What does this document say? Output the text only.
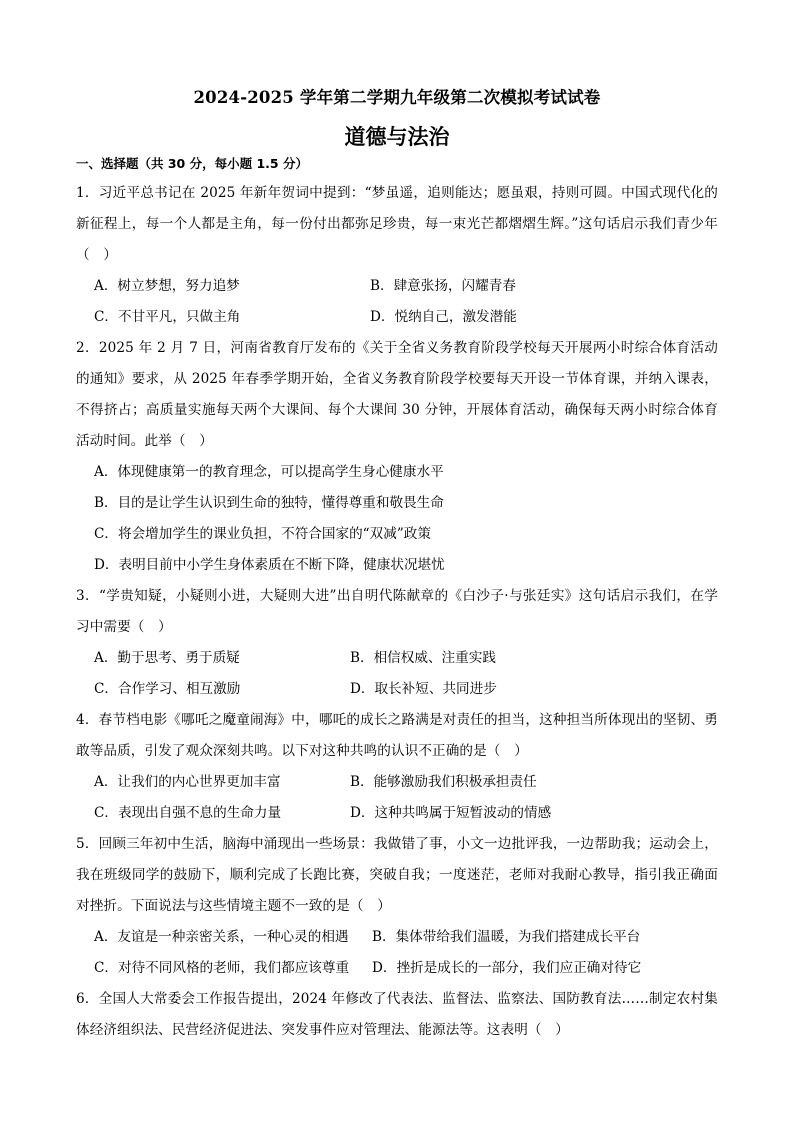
2024-2025 学年第二学期九年级第二次模拟考试试卷
道德与法治
一、选择题（共 30 分，每小题 1.5 分）
1．习近平总书记在 2025 年新年贺词中提到：“梦虽遥，追则能达；愿虽艰，持则可圆。中国式现代化的新征程上，每一个人都是主角，每一份付出都弥足珍贵，每一束光芒都熠熠生辉。”这句话启示我们青少年（　）
A．树立梦想，努力追梦	B．肆意张扬，闪耀青春
C．不甘平凡，只做主角	D．悦纳自己，激发潜能
2．2025 年 2 月 7 日，河南省教育厅发布的《关于全省义务教育阶段学校每天开展两小时综合体育活动的通知》要求，从 2025 年春季学期开始，全省义务教育阶段学校要每天开设一节体育课，并纳入课表，不得挤占；高质量实施每天两个大课间、每个大课间 30 分钟，开展体育活动，确保每天两小时综合体育活动时间。此举（　）
A．体现健康第一的教育理念，可以提高学生身心健康水平
B．目的是让学生认识到生命的独特，懂得尊重和敬畏生命
C．将会增加学生的课业负担，不符合国家的“双减”政策
D．表明目前中小学生身体素质在不断下降，健康状况堪忧
3．“学贵知疑，小疑则小进，大疑则大进”出自明代陈献章的《白沙子·与张廷实》这句话启示我们，在学习中需要（　）
A．勤于思考、勇于质疑	B．相信权威、注重实践
C．合作学习、相互激励	D．取长补短、共同进步
4．春节档电影《哪吒之魔童闹海》中，哪吒的成长之路满是对责任的担当，这种担当所体现出的坚韧、勇敢等品质，引发了观众深刻共鸣。以下对这种共鸣的认识不正确的是（　）
A．让我们的内心世界更加丰富	B．能够激励我们积极承担责任
C．表现出自强不息的生命力量	D．这种共鸣属于短暂波动的情感
5．回顾三年初中生活，脑海中涌现出一些场景：我做错了事，小文一边批评我，一边帮助我；运动会上，我在班级同学的鼓励下，顺利完成了长跑比赛，突破自我；一度迷茫，老师对我耐心教导，指引我正确面对挫折。下面说法与这些情境主题不一致的是（　）
A．友谊是一种亲密关系，一种心灵的相遇	B．集体带给我们温暖，为我们搭建成长平台
C．对待不同风格的老师，我们都应该尊重	D．挫折是成长的一部分，我们应正确对待它
6．全国人大常委会工作报告提出，2024 年修改了代表法、监督法、监察法、国防教育法……制定农村集体经济组织法、民营经济促进法、突发事件应对管理法、能源法等。这表明（　）
